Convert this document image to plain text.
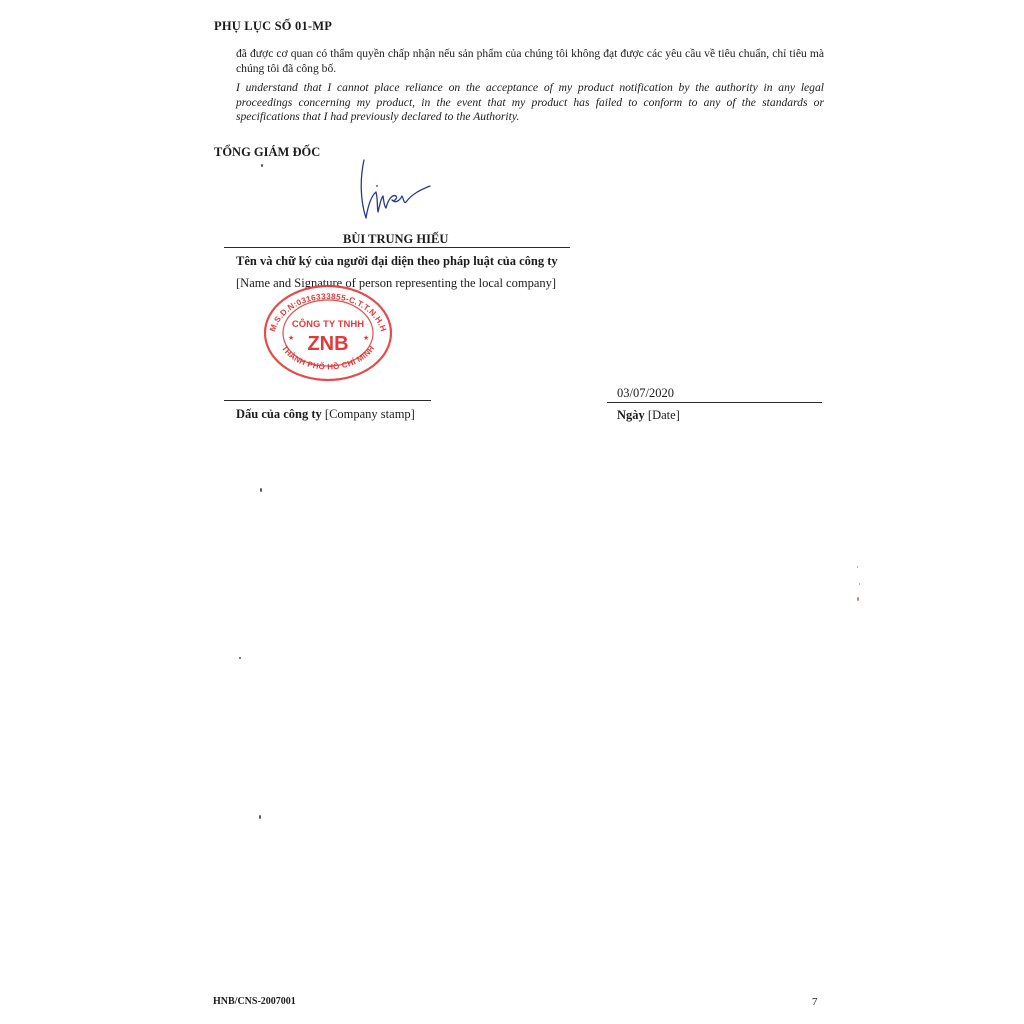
PHỤ LỤC SỐ 01-MP
đã được cơ quan có thẩm quyền chấp nhận nếu sản phẩm của chúng tôi không đạt được các yêu cầu về tiêu chuẩn, chỉ tiêu mà chúng tôi đã công bố.
I understand that I cannot place reliance on the acceptance of my product notification by the authority in any legal proceedings concerning my product, in the event that my product has failed to conform to any of the standards or specifications that I had previously declared to the Authority.
TỔNG GIÁM ĐỐC
BÙI TRUNG HIẾU
Tên và chữ ký của người đại diện theo pháp luật của công ty
[Name and Signature of person representing the local company]
M.S.D.N:0316333855-C.T.T.N.H.H
THÀNH PHỐ HỒ CHÍ MINH
CÔNG TY TNHH
ZNB
★	★
Dấu của công ty [Company stamp]
03/07/2020
Ngày [Date]
HNB/CNS-2007001	7
